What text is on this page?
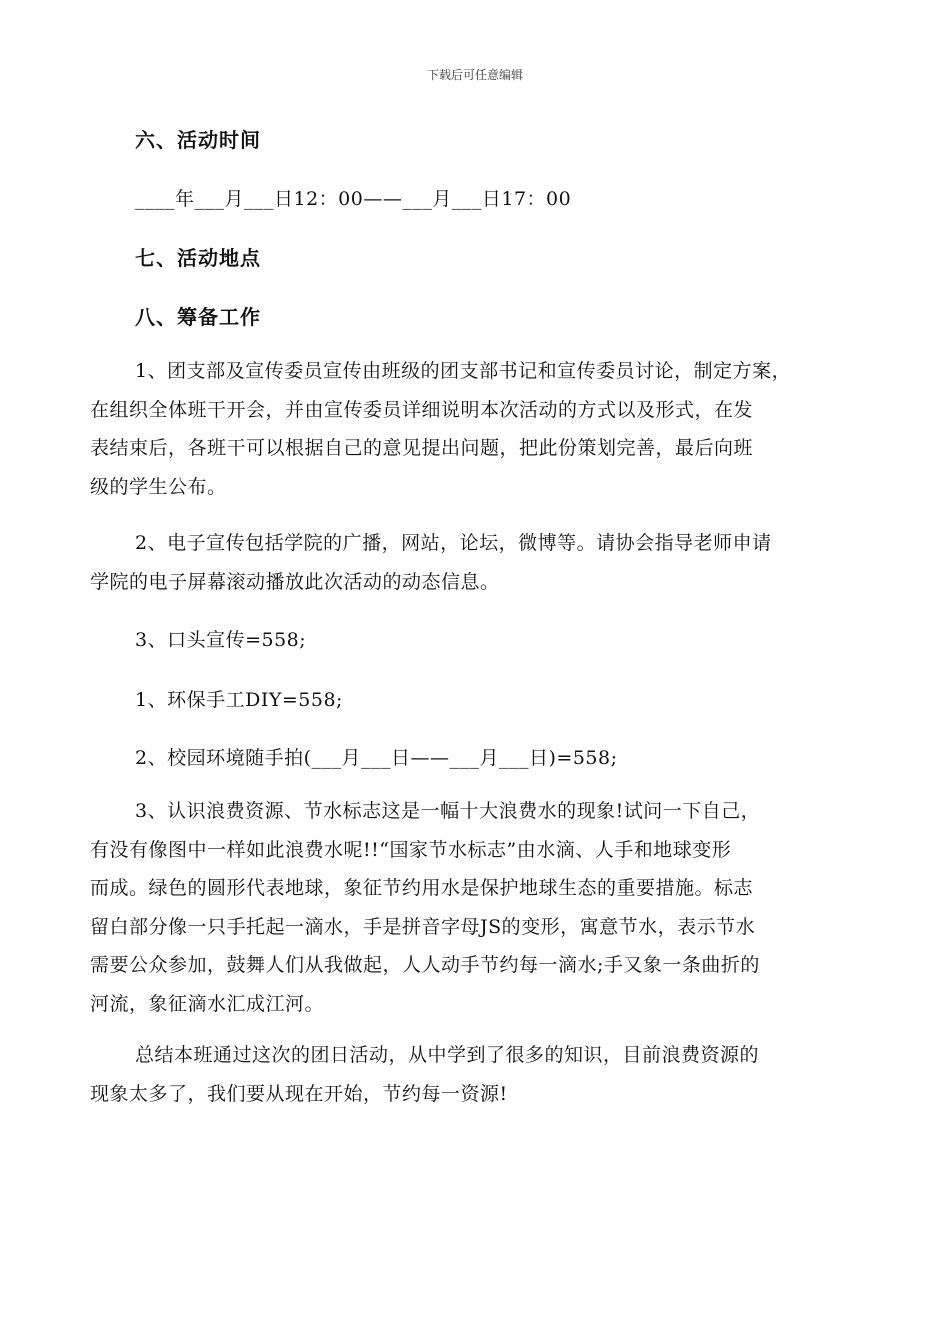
下载后可任意编辑
六、活动时间
____年___月___日12：00——___月___日17：00
七、活动地点
八、筹备工作
1、团支部及宣传委员宣传由班级的团支部书记和宣传委员讨论，制定方案，
在组织全体班干开会，并由宣传委员详细说明本次活动的方式以及形式，在发
表结束后，各班干可以根据自己的意见提出问题，把此份策划完善，最后向班
级的学生公布。
2、电子宣传包括学院的广播，网站，论坛，微博等。请协会指导老师申请
学院的电子屏幕滚动播放此次活动的动态信息。
3、口头宣传=558;
1、环保手工DIY=558;
2、校园环境随手拍(___月___日——___月___日)=558;
3、认识浪费资源、节水标志这是一幅十大浪费水的现象!试问一下自己，
有没有像图中一样如此浪费水呢!!“国家节水标志”由水滴、人手和地球变形
而成。绿色的圆形代表地球，象征节约用水是保护地球生态的重要措施。标志
留白部分像一只手托起一滴水，手是拼音字母JS的变形，寓意节水，表示节水
需要公众参加，鼓舞人们从我做起，人人动手节约每一滴水;手又象一条曲折的
河流，象征滴水汇成江河。
总结本班通过这次的团日活动，从中学到了很多的知识，目前浪费资源的
现象太多了，我们要从现在开始，节约每一资源!
